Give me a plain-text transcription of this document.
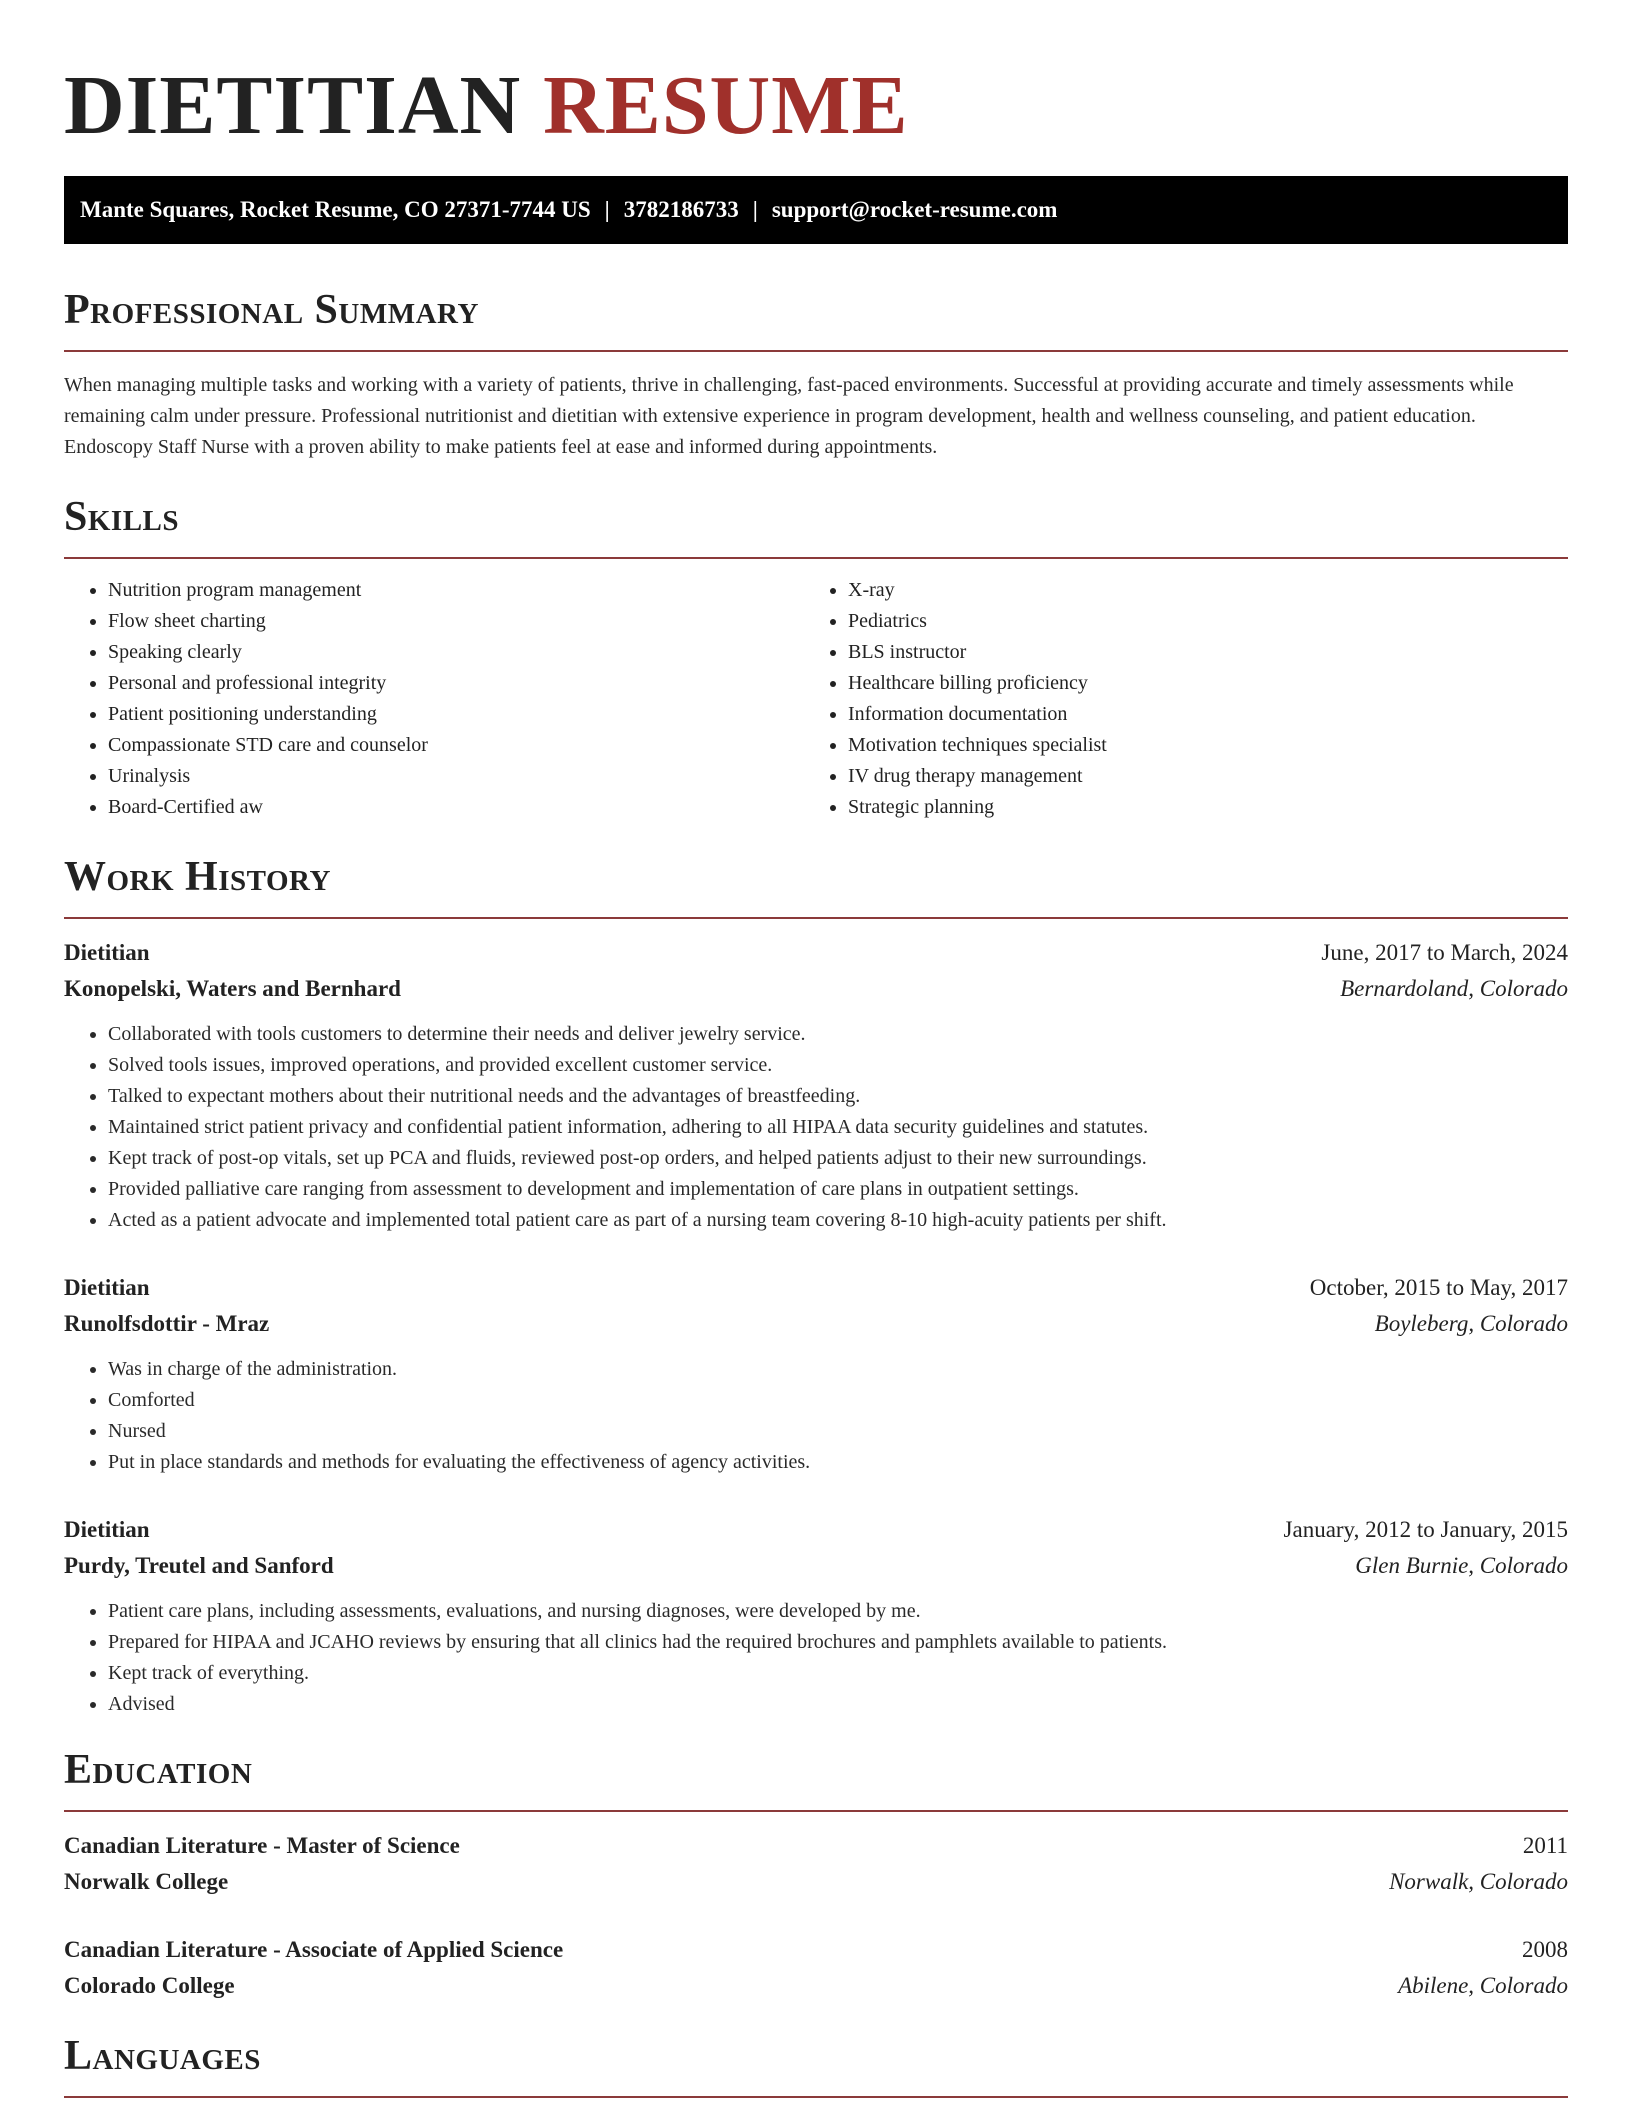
DIETITIAN RESUME
Mante Squares, Rocket Resume, CO 27371-7744 US | 3782186733 | support@rocket-resume.com
Professional Summary

When managing multiple tasks and working with a variety of patients, thrive in challenging, fast-paced environments. Successful at providing accurate and timely assessments while remaining calm under pressure. Professional nutritionist and dietitian with extensive experience in program development, health and wellness counseling, and patient education. Endoscopy Staff Nurse with a proven ability to make patients feel at ease and informed during appointments.

Skills
• Nutrition program management
• Flow sheet charting
• Speaking clearly
• Personal and professional integrity
• Patient positioning understanding
• Compassionate STD care and counselor
• Urinalysis
• Board-Certified aw
• X-ray
• Pediatrics
• BLS instructor
• Healthcare billing proficiency
• Information documentation
• Motivation techniques specialist
• IV drug therapy management
• Strategic planning
Work History
Dietitian	June, 2017 to March, 2024
Konopelski, Waters and Bernhard	Bernardoland, Colorado
• Collaborated with tools customers to determine their needs and deliver jewelry service.
• Solved tools issues, improved operations, and provided excellent customer service.
• Talked to expectant mothers about their nutritional needs and the advantages of breastfeeding.
• Maintained strict patient privacy and confidential patient information, adhering to all HIPAA data security guidelines and statutes.
• Kept track of post-op vitals, set up PCA and fluids, reviewed post-op orders, and helped patients adjust to their new surroundings.
• Provided palliative care ranging from assessment to development and implementation of care plans in outpatient settings.
• Acted as a patient advocate and implemented total patient care as part of a nursing team covering 8-10 high-acuity patients per shift.
Dietitian	October, 2015 to May, 2017
Runolfsdottir - Mraz	Boyleberg, Colorado
• Was in charge of the administration.
• Comforted
• Nursed
• Put in place standards and methods for evaluating the effectiveness of agency activities.
Dietitian	January, 2012 to January, 2015
Purdy, Treutel and Sanford	Glen Burnie, Colorado
• Patient care plans, including assessments, evaluations, and nursing diagnoses, were developed by me.
• Prepared for HIPAA and JCAHO reviews by ensuring that all clinics had the required brochures and pamphlets available to patients.
• Kept track of everything.
• Advised
Education
Canadian Literature - Master of Science	2011
Norwalk College	Norwalk, Colorado
Canadian Literature - Associate of Applied Science	2008
Colorado College	Abilene, Colorado
Languages
